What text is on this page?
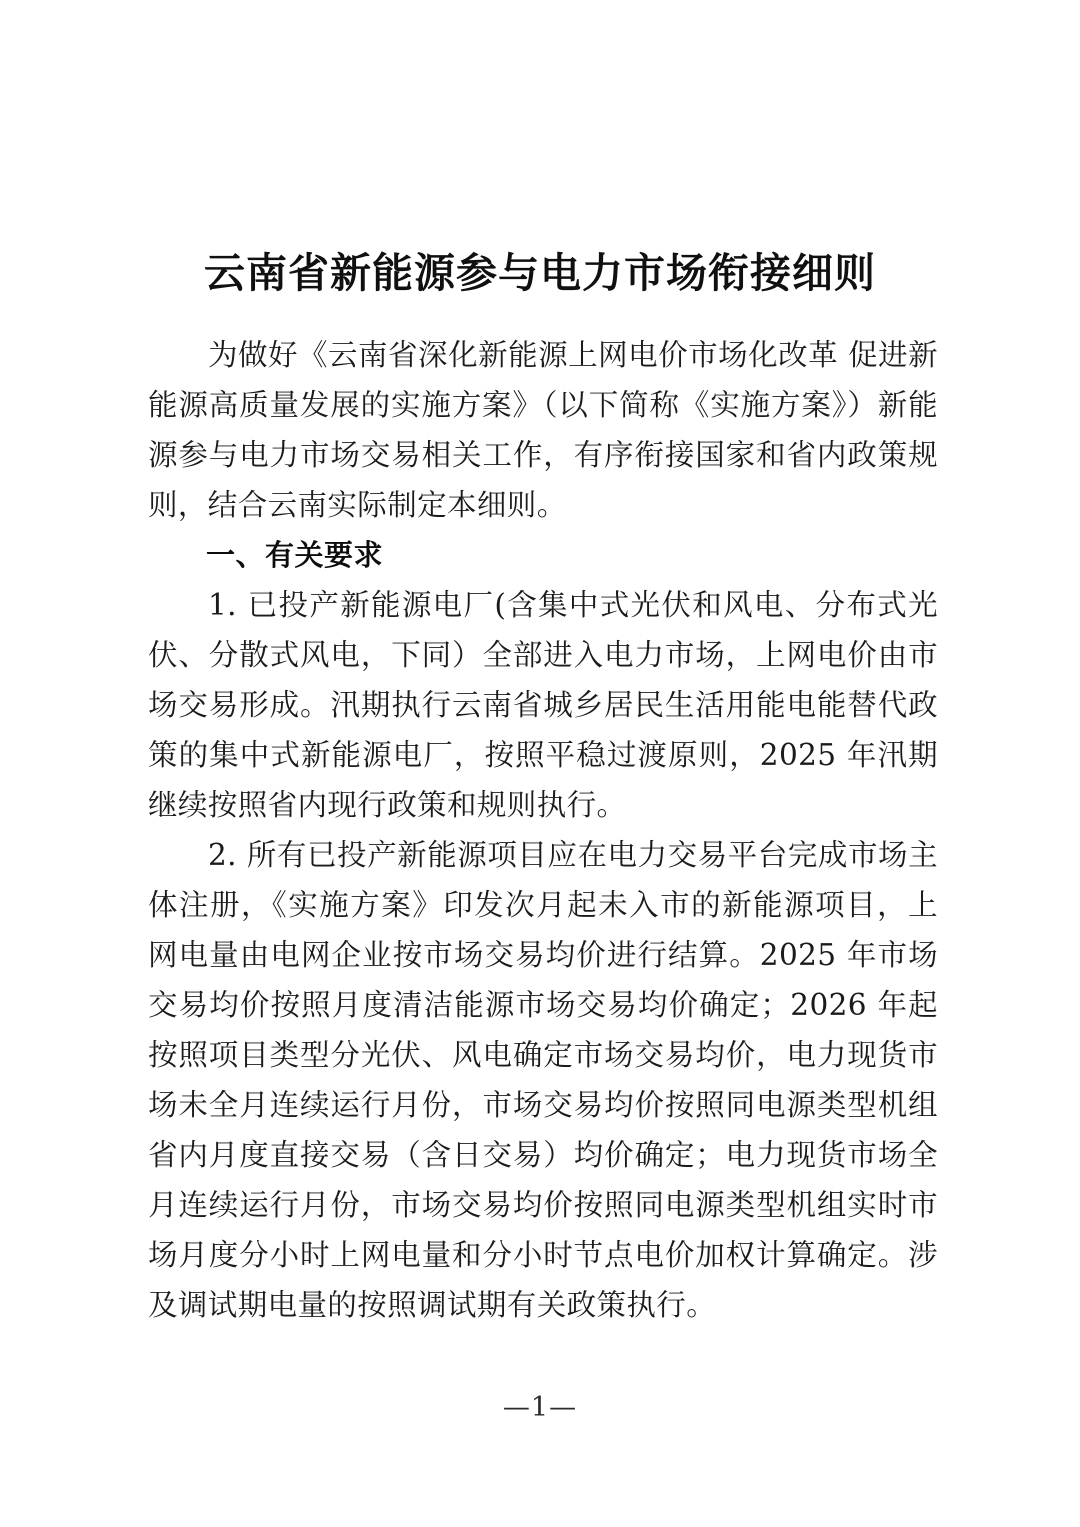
云南省新能源参与电力市场衔接细则

为做好《云南省深化新能源上网电价市场化改革 促进新能源高质量发展的实施方案》（以下简称《实施方案》）新能源参与电力市场交易相关工作，有序衔接国家和省内政策规则，结合云南实际制定本细则。

一、有关要求

1. 已投产新能源电厂(含集中式光伏和风电、分布式光伏、分散式风电，下同）全部进入电力市场，上网电价由市场交易形成。汛期执行云南省城乡居民生活用能电能替代政策的集中式新能源电厂，按照平稳过渡原则，2025 年汛期继续按照省内现行政策和规则执行。

2. 所有已投产新能源项目应在电力交易平台完成市场主体注册，《实施方案》印发次月起未入市的新能源项目，上网电量由电网企业按市场交易均价进行结算。2025 年市场交易均价按照月度清洁能源市场交易均价确定；2026 年起按照项目类型分光伏、风电确定市场交易均价，电力现货市场未全月连续运行月份，市场交易均价按照同电源类型机组省内月度直接交易（含日交易）均价确定；电力现货市场全月连续运行月份，市场交易均价按照同电源类型机组实时市场月度分小时上网电量和分小时节点电价加权计算确定。涉及调试期电量的按照调试期有关政策执行。

—1—
